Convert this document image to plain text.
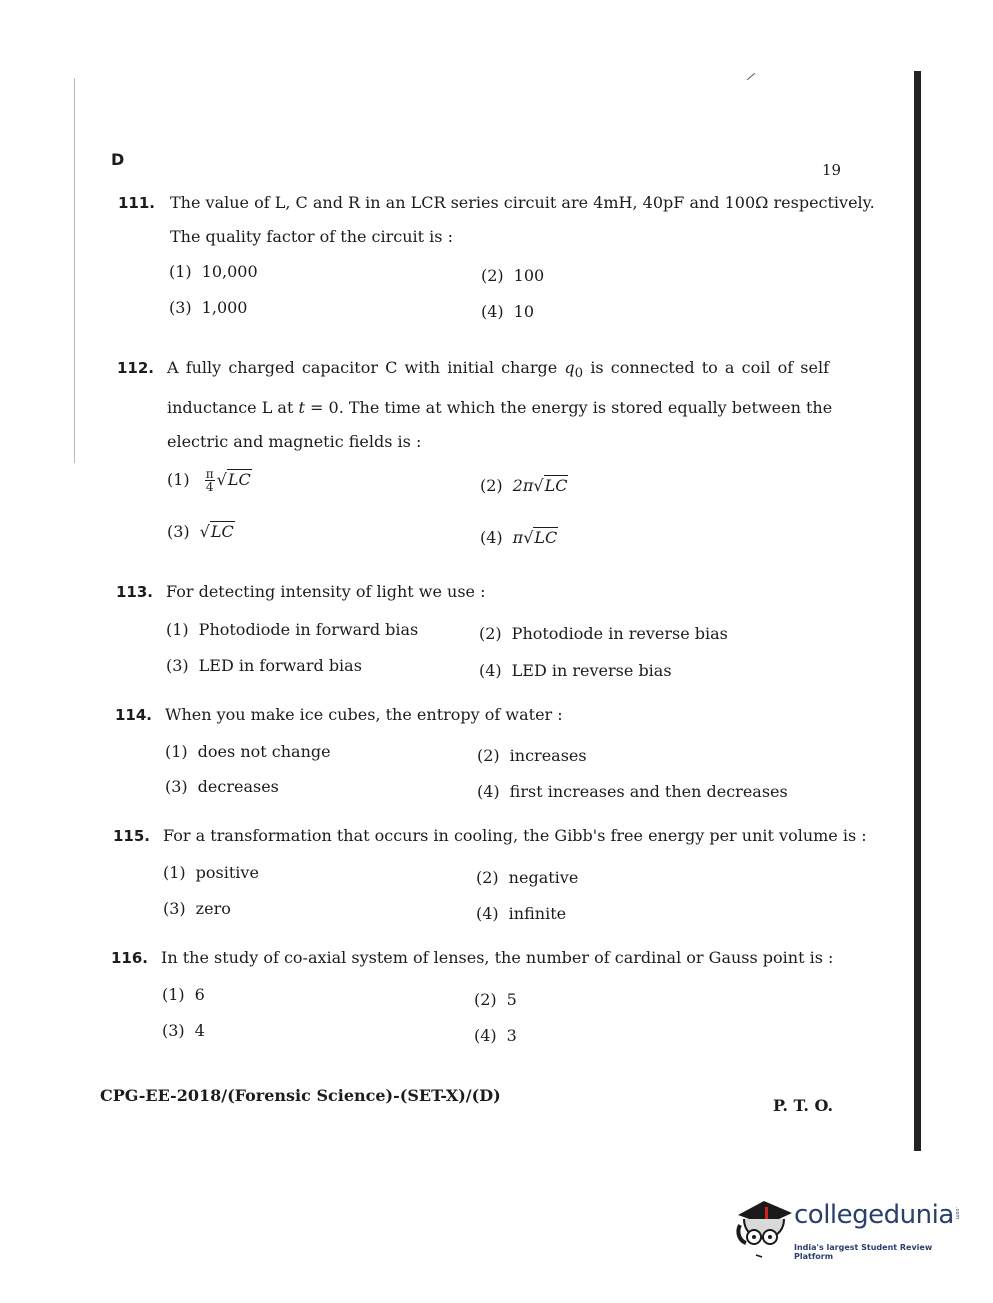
D
19
111. The value of L, C and R in an LCR series circuit are 4mH, 40pF and 100Ω respectively.

The quality factor of the circuit is :

(1) 10,000	(2) 100
(3) 1,000	(4) 10
112. A fully charged capacitor C with initial charge $q_0$ is connected to a coil of self

inductance L at t = 0. The time at which the energy is stored equally between the

electric and magnetic fields is :

$(1) \frac{\pi}{4} √LC$	(2) 2π√LC
(3) √LC	(4) π√LC
113. For detecting intensity of light we use :

(1) Photodiode in forward bias	(2) Photodiode in reverse bias
(3) LED in forward bias	(4) LED in reverse bias
114. When you make ice cubes, the entropy of water :

(1) does not change	(2) increases
(3) decreases	(4) first increases and then decreases
115. For a transformation that occurs in cooling, the Gibb's free energy per unit volume is :

(1) positive	(2) negative
(3) zero	(4) infinite
116. In the study of co-axial system of lenses, the number of cardinal or Gauss point is :

(1) 6	(2) 5
(3) 4	(4) 3
CPG-EE-2018/(Forensic Science)-(SET-X)/(D)
P. T. O.
collegedunia .com
India's largest Student Review Platform
